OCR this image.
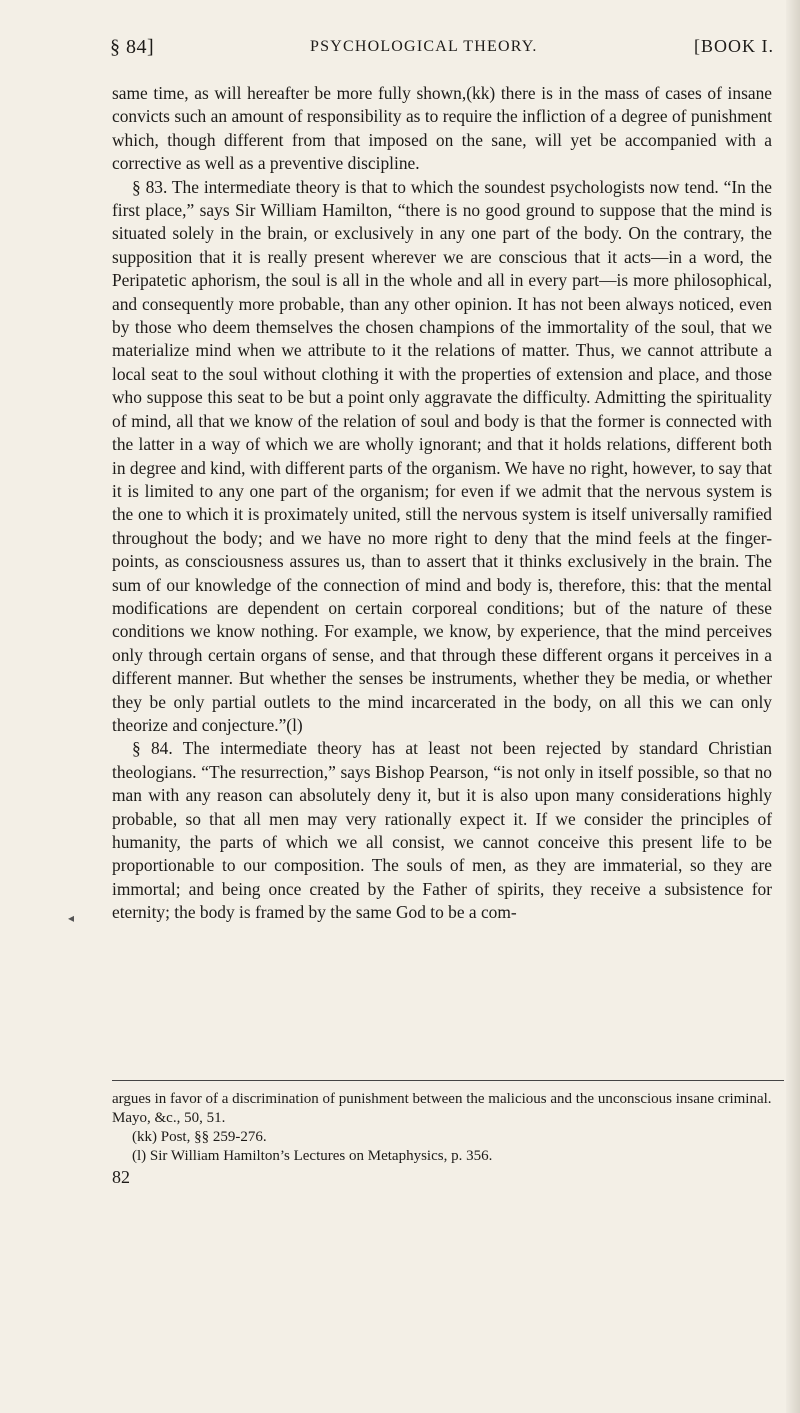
§ 84]	PSYCHOLOGICAL THEORY.	[BOOK I.

same time, as will hereafter be more fully shown,(kk) there is in the mass of cases of insane convicts such an amount of responsibility as to require the infliction of a degree of punishment which, though different from that imposed on the sane, will yet be accompanied with a corrective as well as a preventive discipline.

§ 83. The intermediate theory is that to which the soundest psychologists now tend. “In the first place,” says Sir William Hamilton, “there is no good ground to suppose that the mind is situated solely in the brain, or exclusively in any one part of the body. On the contrary, the supposition that it is really present wherever we are conscious that it acts—in a word, the Peripatetic aphorism, the soul is all in the whole and all in every part—is more philosophical, and consequently more probable, than any other opinion. It has not been always noticed, even by those who deem themselves the chosen champions of the immortality of the soul, that we materialize mind when we attribute to it the relations of matter. Thus, we cannot attribute a local seat to the soul without clothing it with the properties of extension and place, and those who suppose this seat to be but a point only aggravate the difficulty. Admitting the spirituality of mind, all that we know of the relation of soul and body is that the former is connected with the latter in a way of which we are wholly ignorant; and that it holds relations, different both in degree and kind, with different parts of the organism. We have no right, however, to say that it is limited to any one part of the organism; for even if we admit that the nervous system is the one to which it is proximately united, still the nervous system is itself universally ramified throughout the body; and we have no more right to deny that the mind feels at the finger-points, as consciousness assures us, than to assert that it thinks exclusively in the brain. The sum of our knowledge of the connection of mind and body is, therefore, this: that the mental modifications are dependent on certain corporeal conditions; but of the nature of these conditions we know nothing. For example, we know, by experience, that the mind perceives only through certain organs of sense, and that through these different organs it perceives in a different manner. But whether the senses be instruments, whether they be media, or whether they be only partial outlets to the mind incarcerated in the body, on all this we can only theorize and conjecture.”(l)

§ 84. The intermediate theory has at least not been rejected by standard Christian theologians. “The resurrection,” says Bishop Pearson, “is not only in itself possible, so that no man with any reason can absolutely deny it, but it is also upon many considerations highly probable, so that all men may very rationally expect it. If we consider the principles of humanity, the parts of which we all consist, we cannot conceive this present life to be proportionable to our composition. The souls of men, as they are immaterial, so they are immortal; and being once created by the Father of spirits, they receive a subsistence for eternity; the body is framed by the same God to be a com-

◂

argues in favor of a discrimination of punishment between the malicious and the unconscious insane criminal. Mayo, &c., 50, 51.

(kk) Post, §§ 259-276.

(l) Sir William Hamilton’s Lectures on Metaphysics, p. 356.

82
